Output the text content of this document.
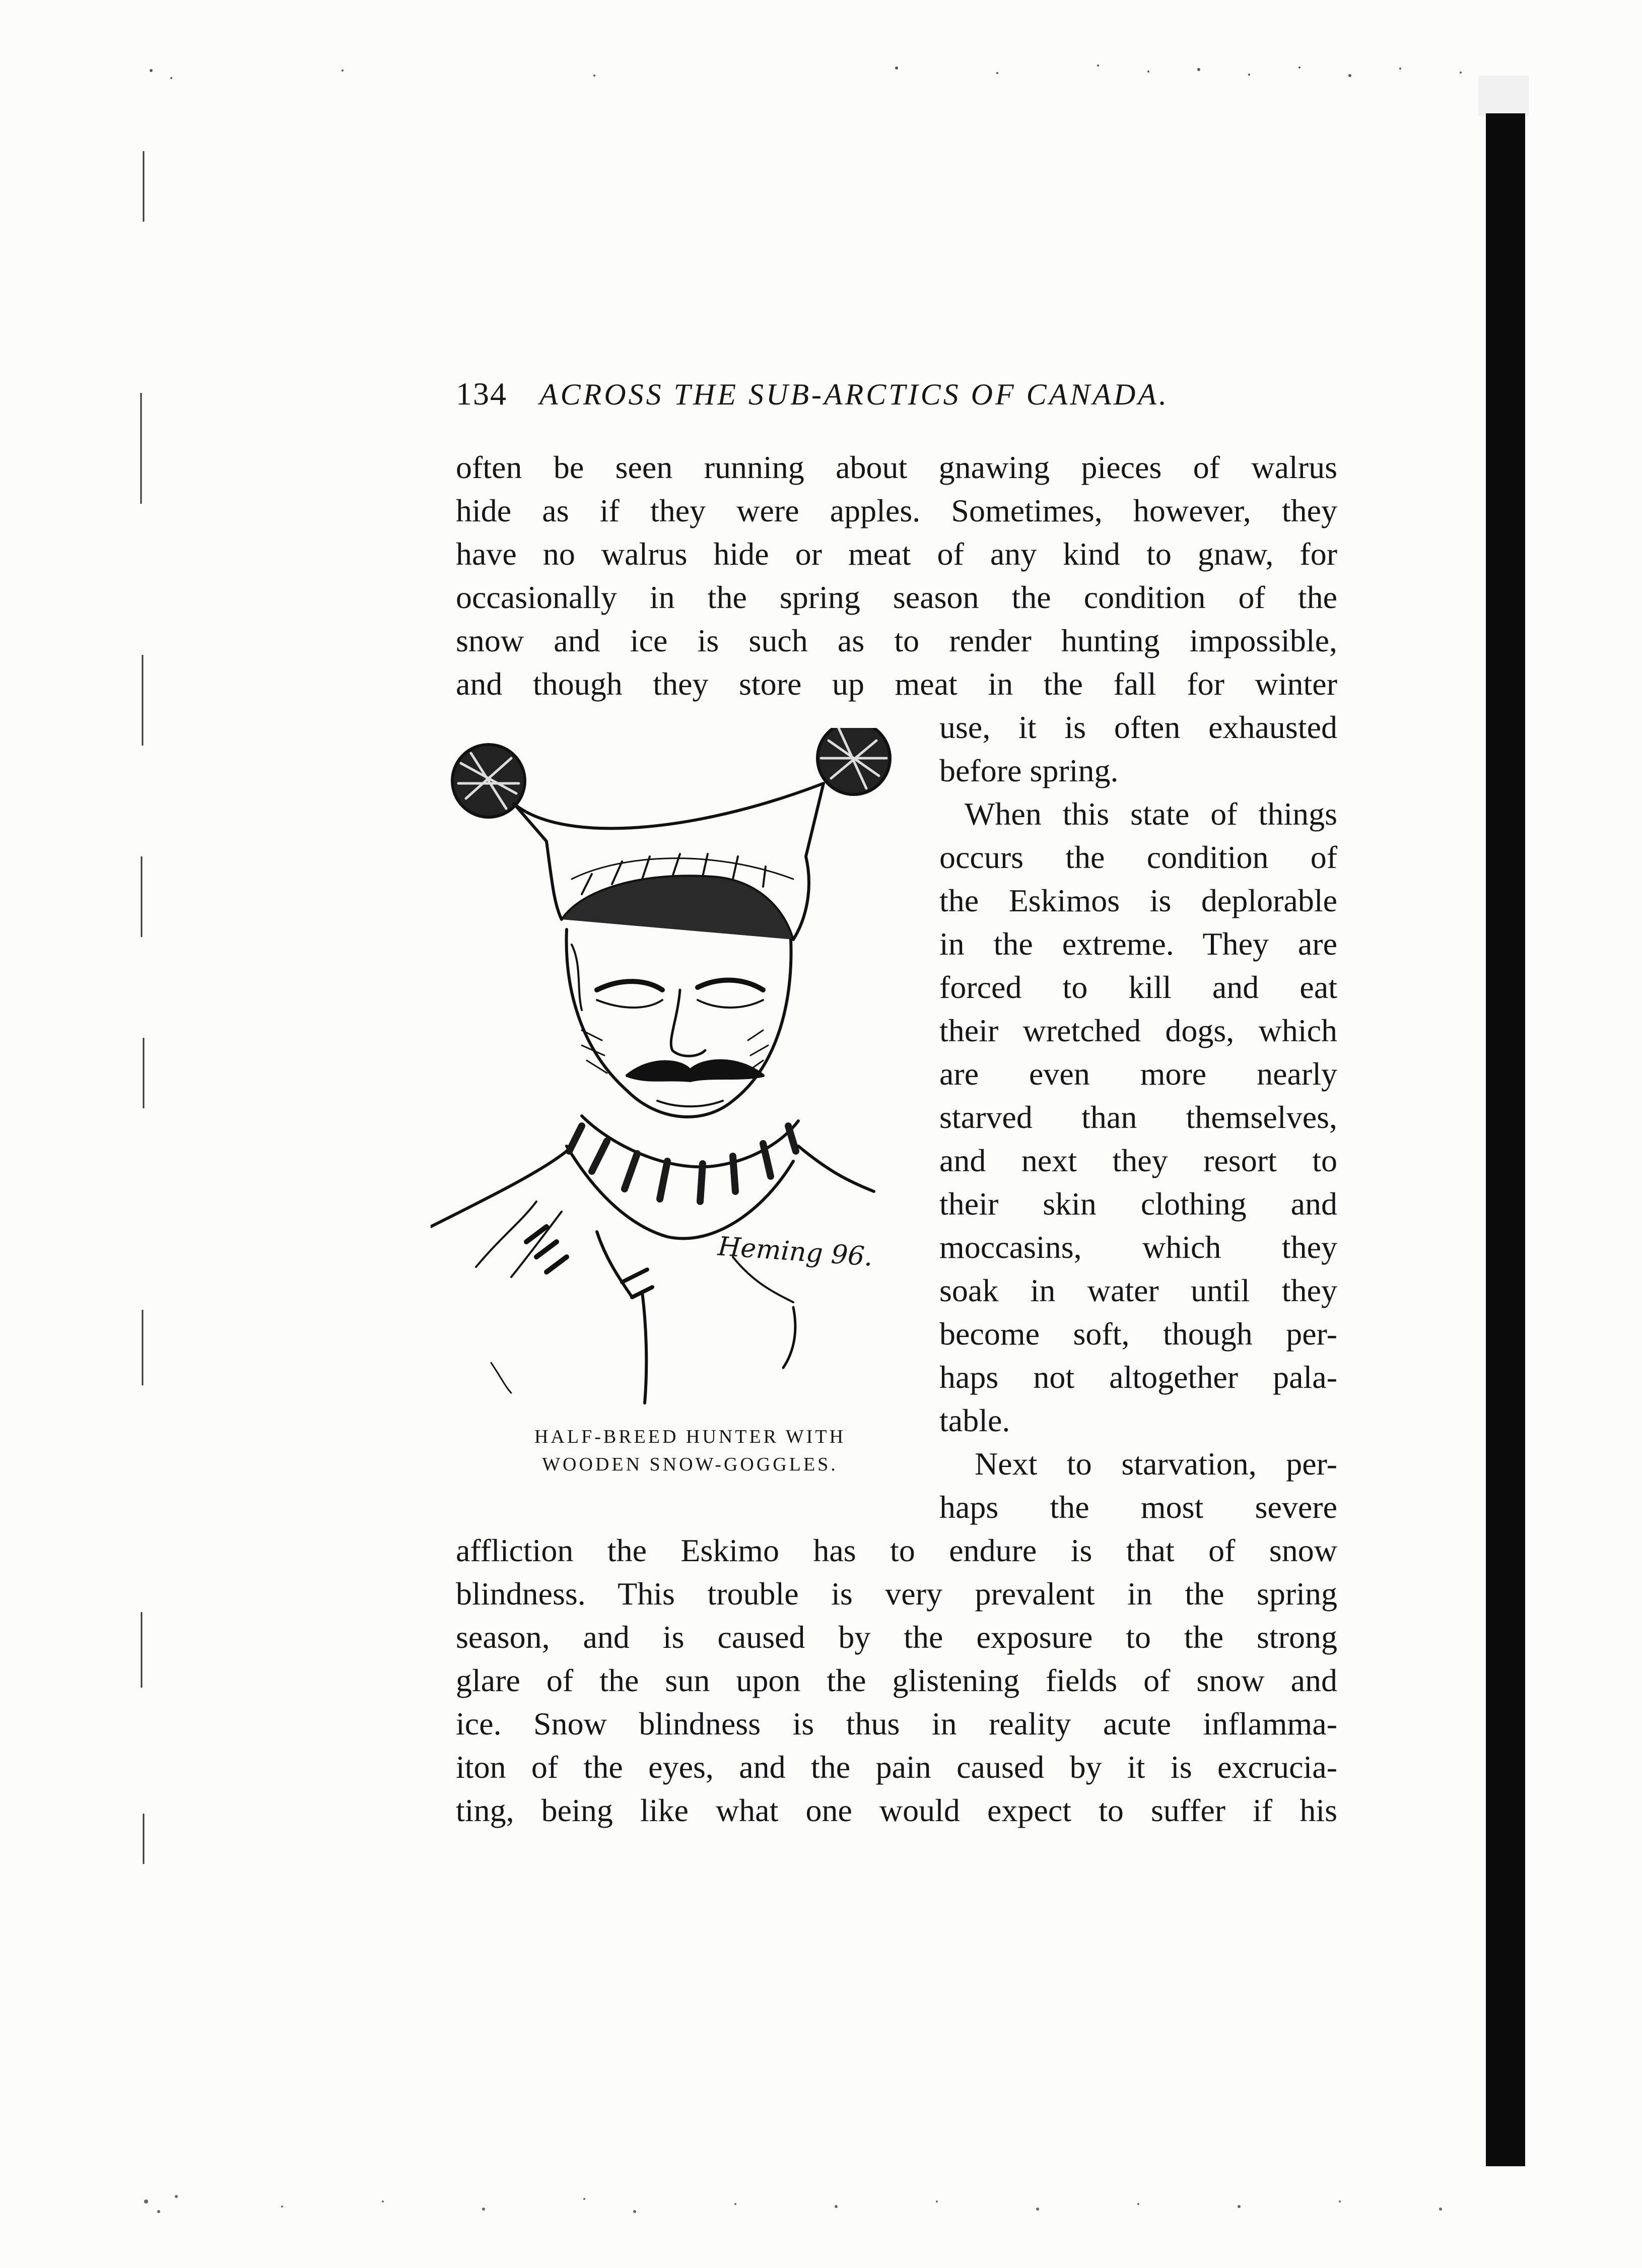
134 ACROSS THE SUB-ARCTICS OF CANADA.
often be seen running about gnawing pieces of walrus
hide as if they were apples. Sometimes, however, they
have no walrus hide or meat of any kind to gnaw, for
occasionally in the spring season the condition of the
snow and ice is such as to render hunting impossible,
and though they store up meat in the fall for winter
use, it is often exhausted
before spring.
When this state of things
occurs the condition of
the Eskimos is deplorable
in the extreme. They are
forced to kill and eat
their wretched dogs, which
are even more nearly
starved than themselves,
and next they resort to
their skin clothing and
moccasins, which they
soak in water until they
become soft, though per-
haps not altogether pala-
table.
Next to starvation, per-
haps the most severe
affliction the Eskimo has to endure is that of snow
blindness. This trouble is very prevalent in the spring
season, and is caused by the exposure to the strong
glare of the sun upon the glistening fields of snow and
ice. Snow blindness is thus in reality acute inflamma-
iton of the eyes, and the pain caused by it is excrucia-
ting, being like what one would expect to suffer if his
Heming 96.
HALF-BREED HUNTER WITH
WOODEN SNOW-GOGGLES.
